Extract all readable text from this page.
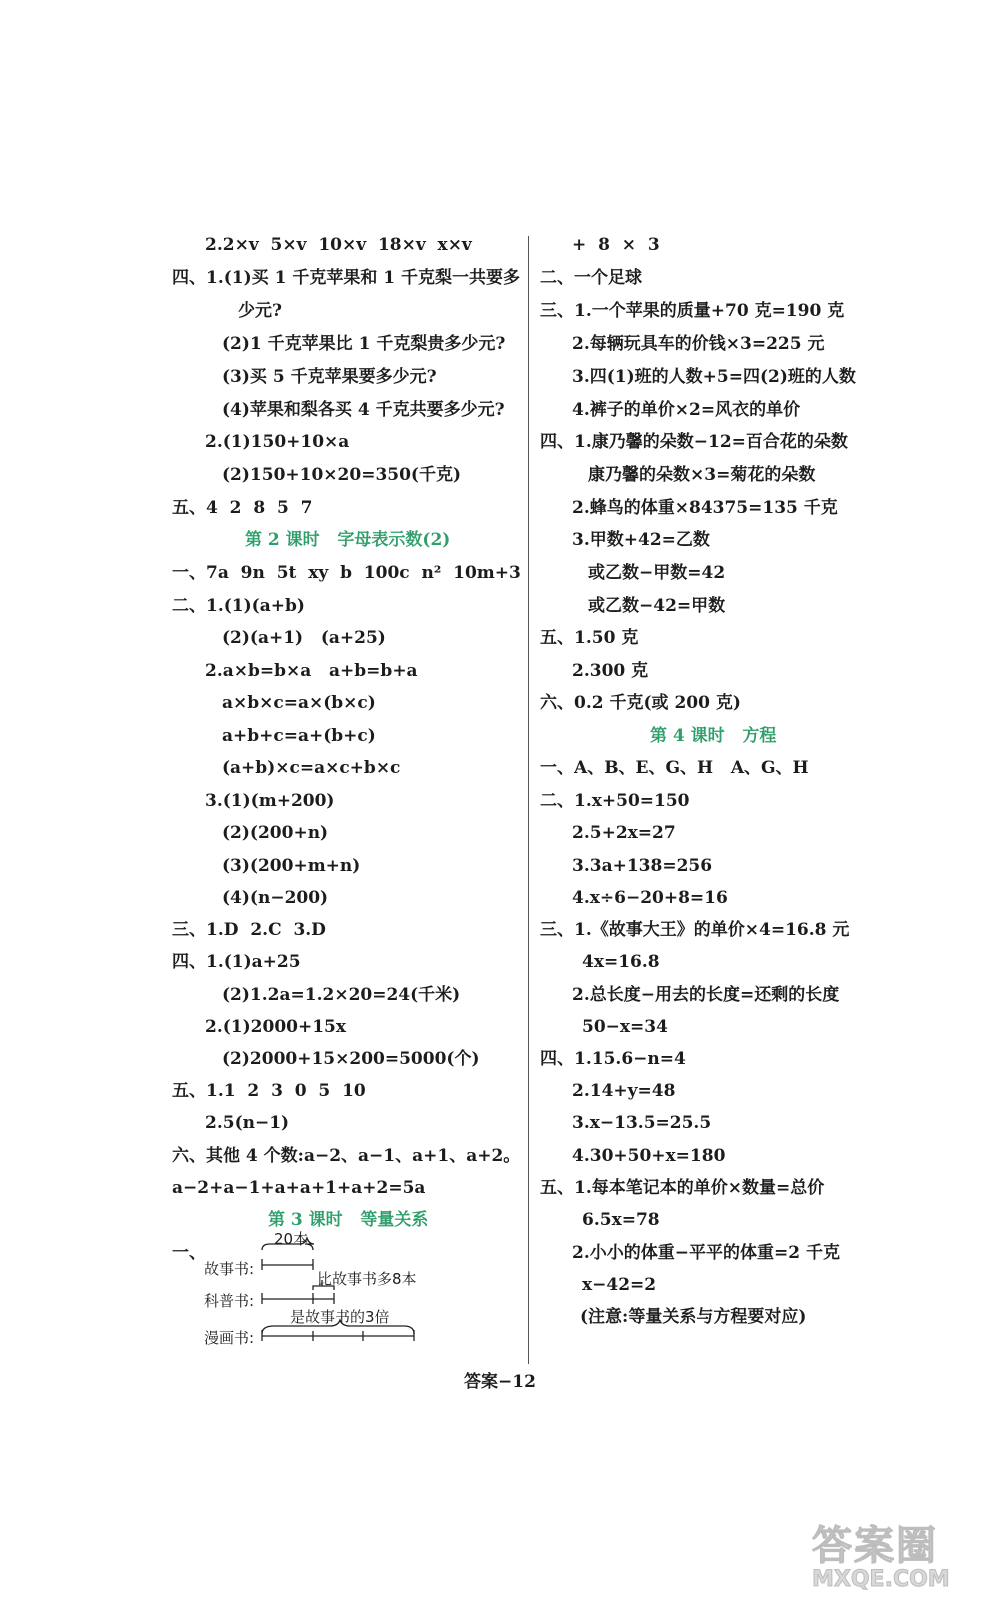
2.2×v  5×v  10×v  18×v  x×v
四、1.(1)买 1 千克苹果和 1 千克梨一共要多
少元?
(2)1 千克苹果比 1 千克梨贵多少元?
(3)买 5 千克苹果要多少元?
(4)苹果和梨各买 4 千克共要多少元?
2.(1)150+10×a
(2)150+10×20=350(千克)
五、4  2  8  5  7
第 2 课时   字母表示数(2)
一、7a  9n  5t  xy  b  100c  n²  10m+3
二、1.(1)(a+b)
(2)(a+1)   (a+25)
2.a×b=b×a   a+b=b+a
a×b×c=a×(b×c)
a+b+c=a+(b+c)
(a+b)×c=a×c+b×c
3.(1)(m+200)
(2)(200+n)
(3)(200+m+n)
(4)(n−200)
三、1.D  2.C  3.D
四、1.(1)a+25
(2)1.2a=1.2×20=24(千米)
2.(1)2000+15x
(2)2000+15×200=5000(个)
五、1.1  2  3  0  5  10
2.5(n−1)
六、其他 4 个数:a−2、a−1、a+1、a+2。
a−2+a−1+a+a+1+a+2=5a
第 3 课时   等量关系
一、
20本
故事书:
比故事书多8本
科普书:
是故事书的3倍
漫画书:
+  8  ×  3
二、一个足球
三、1.一个苹果的质量+70 克=190 克
2.每辆玩具车的价钱×3=225 元
3.四(1)班的人数+5=四(2)班的人数
4.裤子的单价×2=风衣的单价
四、1.康乃馨的朵数−12=百合花的朵数
康乃馨的朵数×3=菊花的朵数
2.蜂鸟的体重×84375=135 千克
3.甲数+42=乙数
或乙数−甲数=42
或乙数−42=甲数
五、1.50 克
2.300 克
六、0.2 千克(或 200 克)
第 4 课时   方程
一、A、B、E、G、H   A、G、H
二、1.x+50=150
2.5+2x=27
3.3a+138=256
4.x÷6−20+8=16
三、1.《故事大王》的单价×4=16.8 元
4x=16.8
2.总长度−用去的长度=还剩的长度
50−x=34
四、1.15.6−n=4
2.14+y=48
3.x−13.5=25.5
4.30+50+x=180
五、1.每本笔记本的单价×数量=总价
6.5x=78
2.小小的体重−平平的体重=2 千克
x−42=2
(注意:等量关系与方程要对应)
答案−12
答案圈
MXQE.COM
